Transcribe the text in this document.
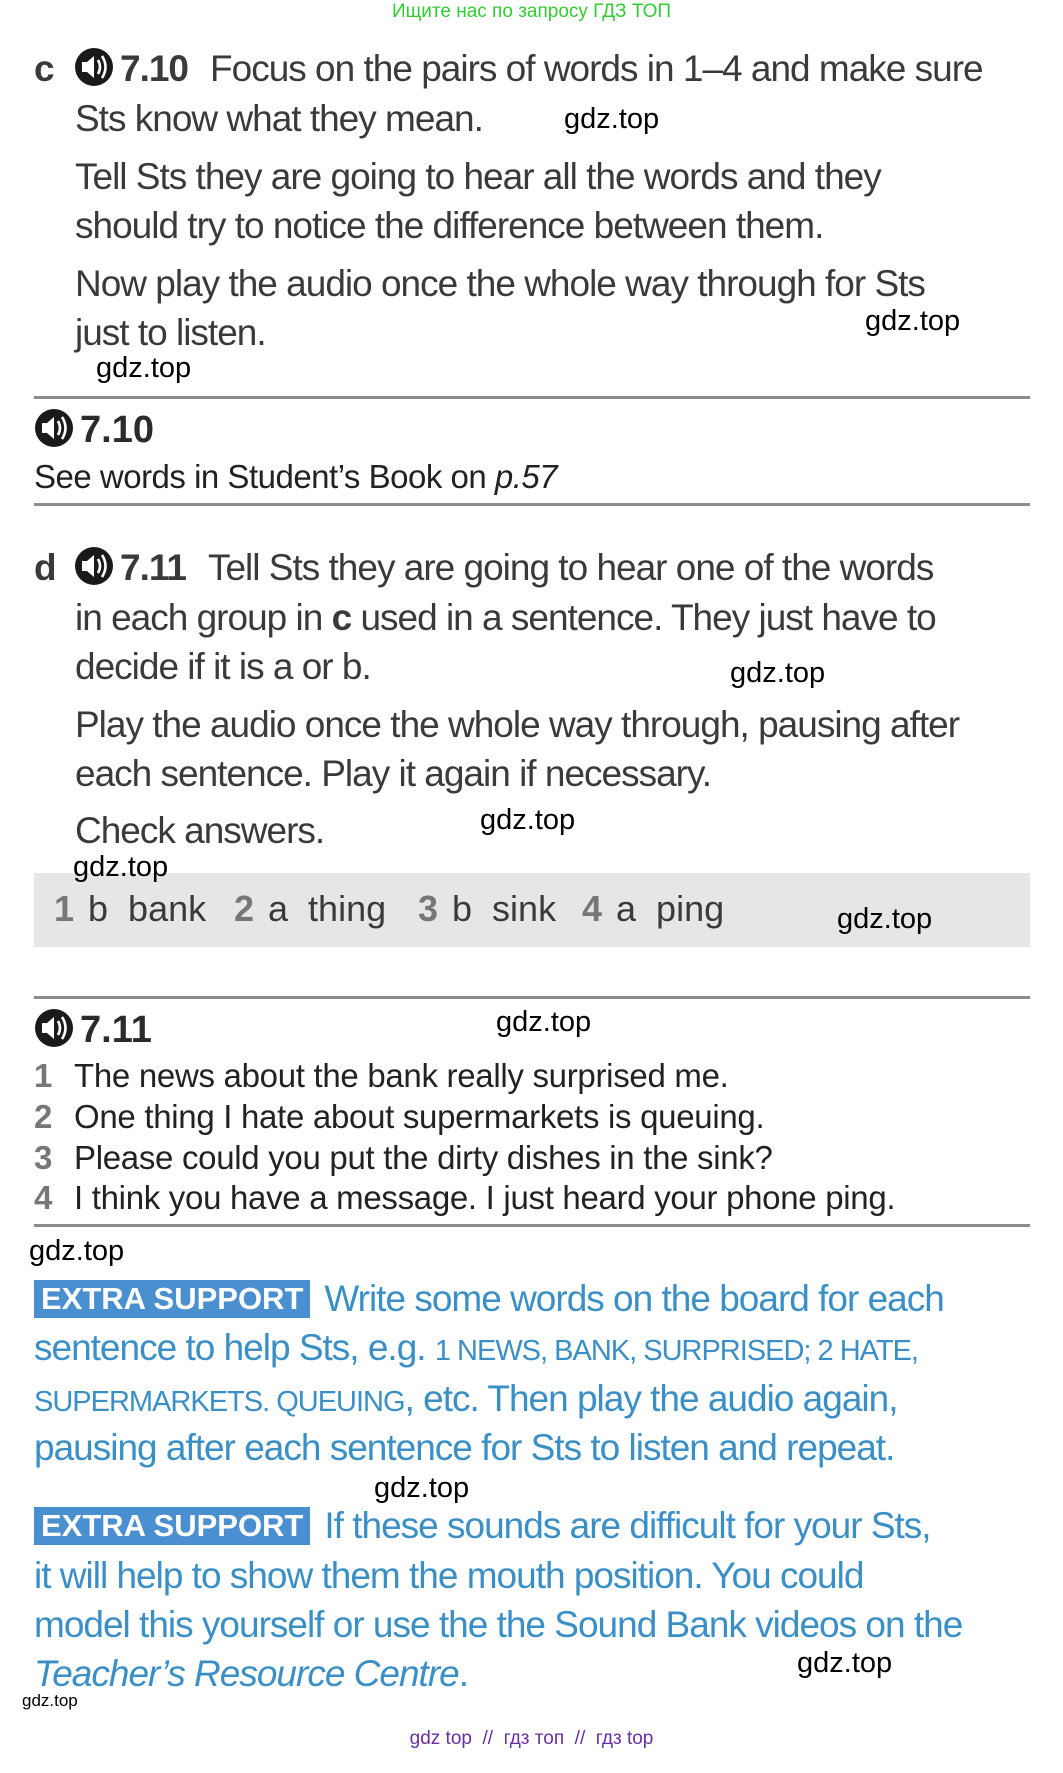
Ищите нас по запросу ГДЗ ТОП
c 7.10 Focus on the pairs of words in 1–4 and make sure
Sts know what they mean.
Tell Sts they are going to hear all the words and they
should try to notice the difference between them.
Now play the audio once the whole way through for Sts
just to listen.
7.10
See words in Student’s Book on p.57
d 7.11 Tell Sts they are going to hear one of the words
in each group in c used in a sentence. They just have to
decide if it is a or b.
Play the audio once the whole way through, pausing after
each sentence. Play it again if necessary.
Check answers.
1 b  bank 2 a  thing 3 b  sink 4 a  ping
7.11
1 The news about the bank really surprised me.
2 One thing I hate about supermarkets is queuing.
3 Please could you put the dirty dishes in the sink?
4 I think you have a message. I just heard your phone ping.
EXTRA SUPPORT Write some words on the board for each
sentence to help Sts, e.g. 1 NEWS, BANK, SURPRISED; 2 HATE,
SUPERMARKETS. QUEUING, etc. Then play the audio again,
pausing after each sentence for Sts to listen and repeat.
EXTRA SUPPORT If these sounds are difficult for your Sts,
it will help to show them the mouth position. You could
model this yourself or use the the Sound Bank videos on the
Teacher’s Resource Centre.
gdz.top
gdz.top
gdz.top
gdz.top
gdz.top
gdz.top
gdz.top
gdz.top
gdz.top
gdz.top
gdz.top
gdz.top
gdz top  //  гдз топ  //  гдз top
